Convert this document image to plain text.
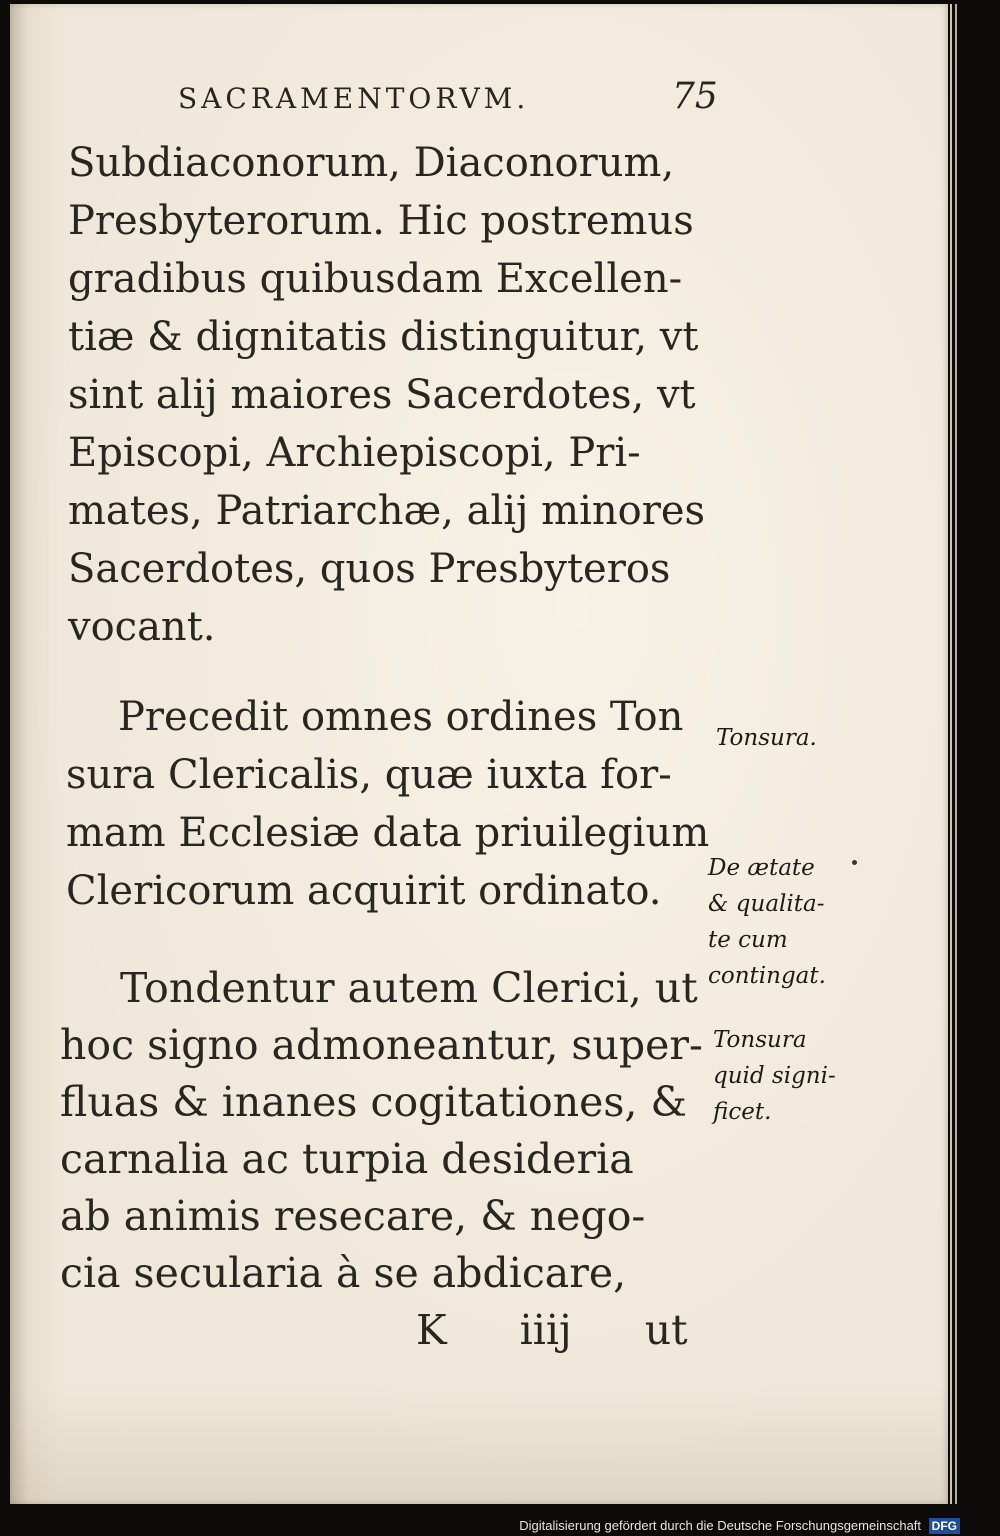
SACRAMENTORVM.	75
Subdiaconorum, Diaconorum,
Presbyterorum. Hic postremus
gradibus quibusdam Excellen-
tiæ & dignitatis distinguitur, vt
sint alij maiores Sacerdotes, vt
Episcopi, Archiepiscopi, Pri-
mates, Patriarchæ, alij minores
Sacerdotes, quos Presbyteros
vocant.
Precedit omnes ordines Ton
sura Clericalis, quæ iuxta for-
mam Ecclesiæ data priuilegium
Clericorum acquirit ordinato.
Tondentur autem Clerici, ut
hoc signo admoneantur, super-
fluas & inanes cogitationes, &
carnalia ac turpia desideria
ab animis resecare, & nego-
cia secularia à se abdicare,
K iiij ut
Tonsura.
De ætate
& qualita-
te cum
contingat.
Tonsura
quid signi-
ficet.
Digitalisierung gefördert durch die Deutsche Forschungsgemeinschaft DFG
